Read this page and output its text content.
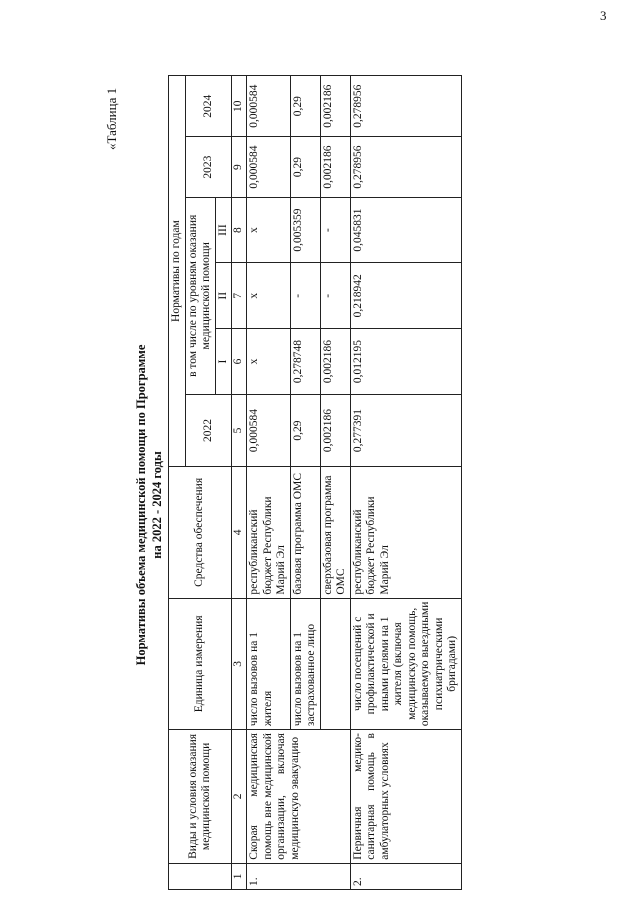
3
«Таблица 1
Нормативы объема медицинской помощи по Программе на 2022 - 2024 годы
	Виды и условия оказания медицинской помощи	Единица измерения	Средства обеспечения	Нормативы по годам					
				2022	в том числе по уровням оказания медицинской помощи			2023	2024
					I	II	III		
1	2	3	4	5	6	7	8	9	10
1.	Скорая медицинская помощь вне медицинской организации, включая медицинскую эвакуацию	число вызовов на 1 жителя	республиканский бюджет Республики Марий Эл	0,000584	x	x	x	0,000584	0,000584
		число вызовов на 1 застрахованное лицо	базовая программа ОМС	0,29	0,278748	-	0,005359	0,29	0,29
			сверхбазовая программа ОМС	0,002186	0,002186	-	-	0,002186	0,002186
2.	Первичная медико-санитарная помощь в амбулаторных условиях	число посещений с профилактической и иными целями на 1 жителя (включая медицинскую помощь, оказываемую выездными психиатрическими бригадами)	республиканский бюджет Республики Марий Эл	0,277391	0,012195	0,218942	0,045831	0,278956	0,278956
